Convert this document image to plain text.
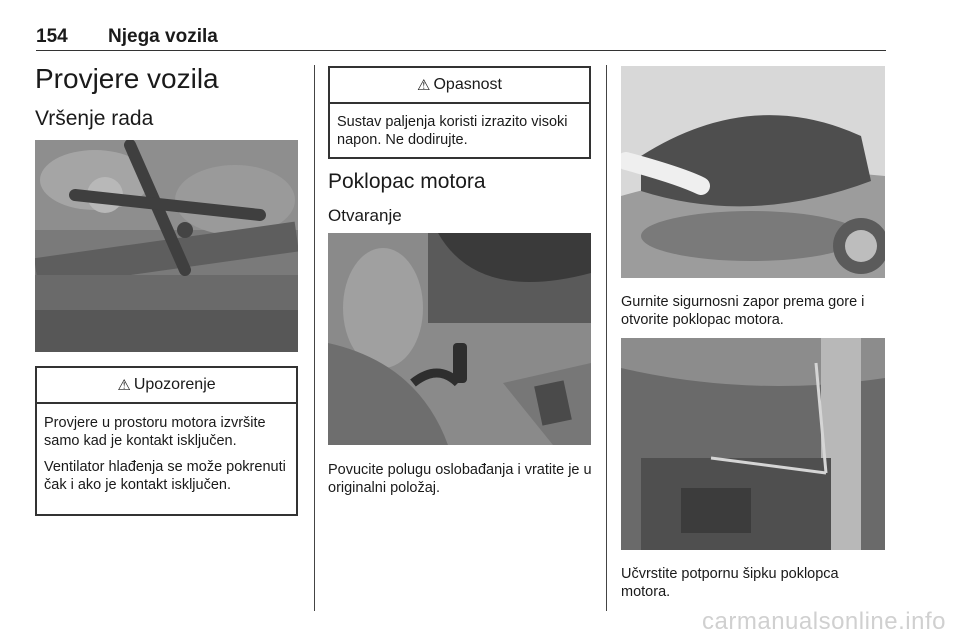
154 Njega vozila
Provjere vozila
Vršenje rada
⚠ Upozorenje

Provjere u prostoru motora izvršite samo kad je kontakt isključen.

Ventilator hlađenja se može pokrenuti čak i ako je kontakt isključen.

⚠ Opasnost

Sustav paljenja koristi izrazito visoki napon. Ne dodirujte.

Poklopac motora
Otvaranje
Povucite polugu oslobađanja i vratite je u originalni položaj.
Gurnite sigurnosni zapor prema gore i otvorite poklopac motora.
Učvrstite potpornu šipku poklopca motora.
carmanualsonline.info
